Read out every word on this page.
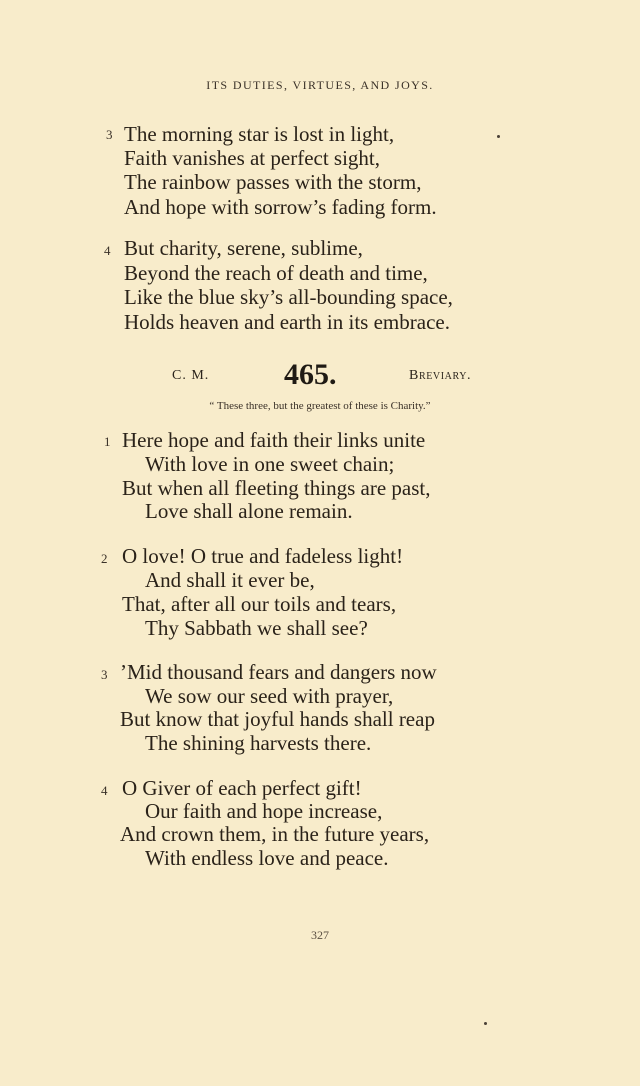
ITS DUTIES, VIRTUES, AND JOYS.
3 The morning star is lost in light,
Faith vanishes at perfect sight,
The rainbow passes with the storm,
And hope with sorrow’s fading form.
4 But charity, serene, sublime,
Beyond the reach of death and time,
Like the blue sky’s all-bounding space,
Holds heaven and earth in its embrace.
C. M. 465.	Breviary.
“ These three, but the greatest of these is Charity.”
1 Here hope and faith their links unite
With love in one sweet chain;
But when all fleeting things are past,
Love shall alone remain.
2 O love! O true and fadeless light!
And shall it ever be,
That, after all our toils and tears,
Thy Sabbath we shall see?
3 ’Mid thousand fears and dangers now
We sow our seed with prayer,
But know that joyful hands shall reap
The shining harvests there.
4 O Giver of each perfect gift!
Our faith and hope increase,
And crown them, in the future years,
With endless love and peace.
327
